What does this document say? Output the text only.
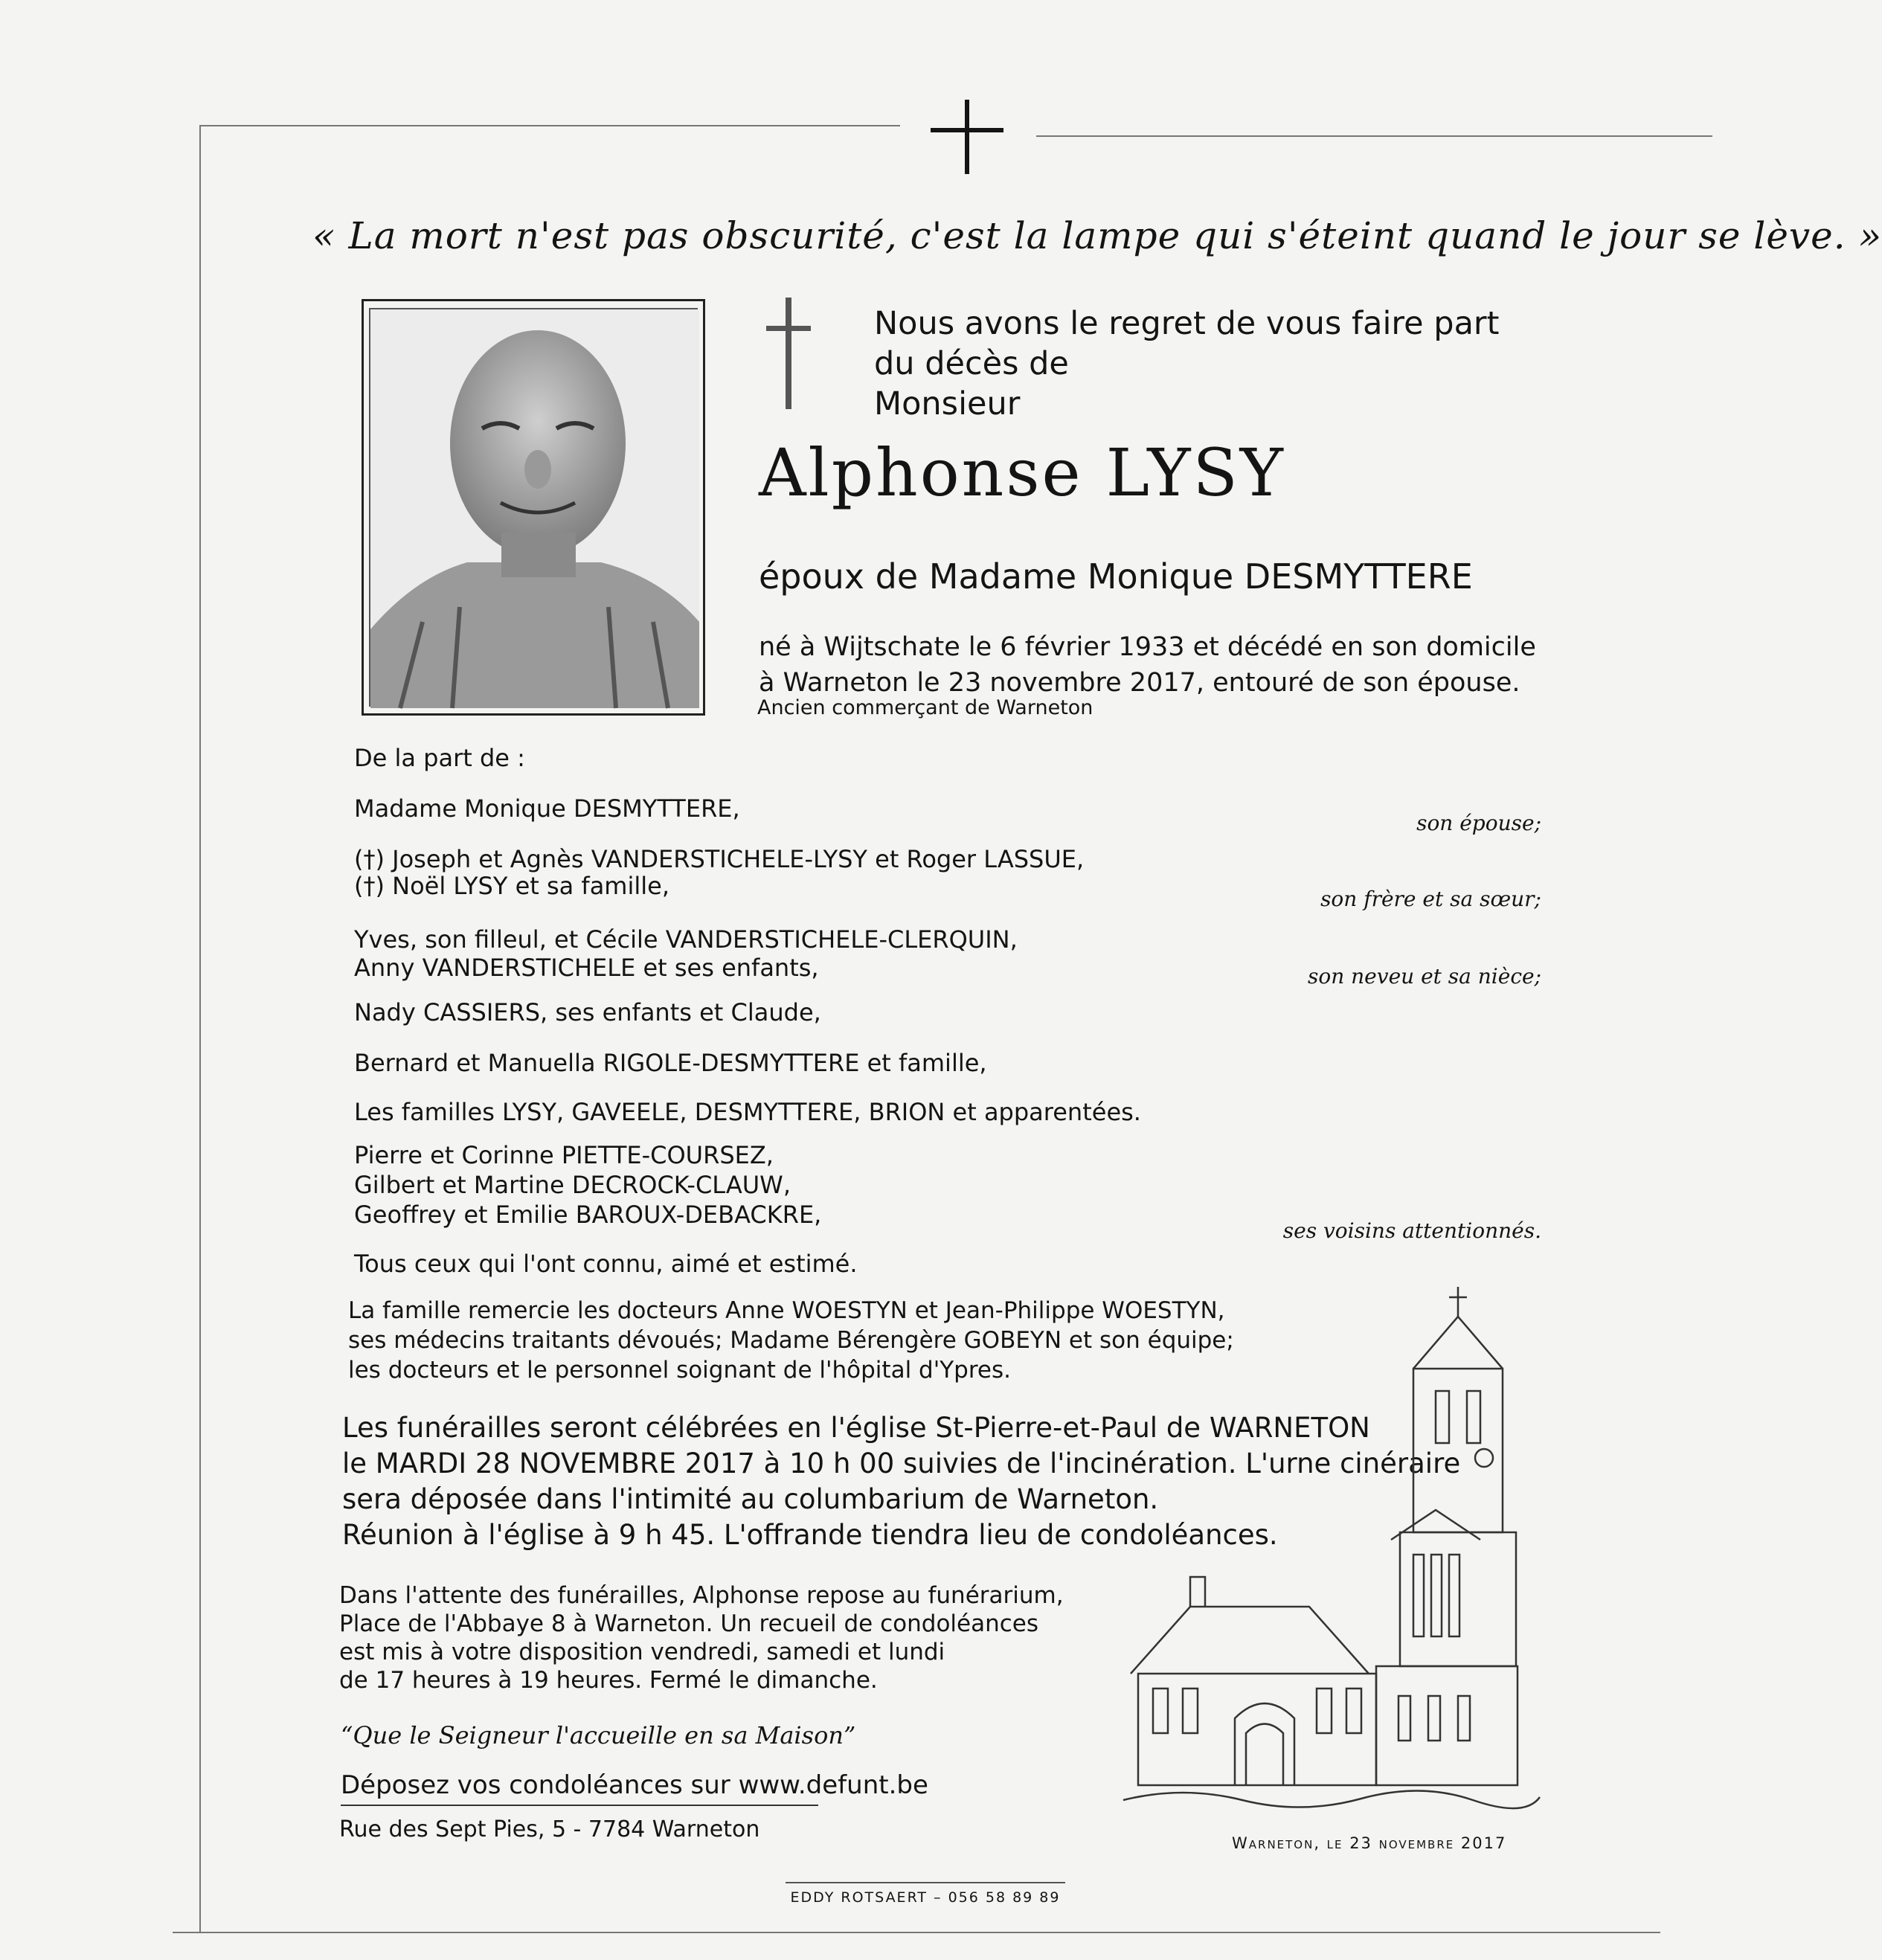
« La mort n'est pas obscurité, c'est la lampe qui s'éteint quand le jour se lève. »
Nous avons le regret de vous faire part
du décès de
Monsieur
Alphonse LYSY
époux de Madame Monique DESMYTTERE
né à Wijtschate le 6 février 1933 et décédé en son domicile
à Warneton le 23 novembre 2017, entouré de son épouse.
Ancien commerçant de Warneton
De la part de :
Madame Monique DESMYTTERE,
(†) Joseph et Agnès VANDERSTICHELE-LYSY et Roger LASSUE,
(†) Noël LYSY et sa famille,
Yves, son filleul, et Cécile VANDERSTICHELE-CLERQUIN,
Anny VANDERSTICHELE et ses enfants,
Nady CASSIERS, ses enfants et Claude,
Bernard et Manuella RIGOLE-DESMYTTERE et famille,
Les familles LYSY, GAVEELE, DESMYTTERE, BRION et apparentées.
Pierre et Corinne PIETTE-COURSEZ,
Gilbert et Martine DECROCK-CLAUW,
Geoffrey et Emilie BAROUX-DEBACKRE,
Tous ceux qui l'ont connu, aimé et estimé.
son épouse;
son frère et sa sœur;
son neveu et sa nièce;
ses voisins attentionnés.
La famille remercie les docteurs Anne WOESTYN et Jean-Philippe WOESTYN,
ses médecins traitants dévoués; Madame Bérengère GOBEYN et son équipe;
les docteurs et le personnel soignant de l'hôpital d'Ypres.
Les funérailles seront célébrées en l'église St-Pierre-et-Paul de WARNETON
le MARDI 28 NOVEMBRE 2017 à 10 h 00 suivies de l'incinération. L'urne cinéraire
sera déposée dans l'intimité au columbarium de Warneton.
Réunion à l'église à 9 h 45. L'offrande tiendra lieu de condoléances.
Dans l'attente des funérailles, Alphonse repose au funérarium,
Place de l'Abbaye 8 à Warneton. Un recueil de condoléances
est mis à votre disposition vendredi, samedi et lundi
de 17 heures à 19 heures. Fermé le dimanche.
“Que le Seigneur l'accueille en sa Maison”
Déposez vos condoléances sur www.defunt.be
Rue des Sept Pies, 5 - 7784 Warneton
Warneton, le 23 novembre 2017
EDDY ROTSAERT – 056 58 89 89
